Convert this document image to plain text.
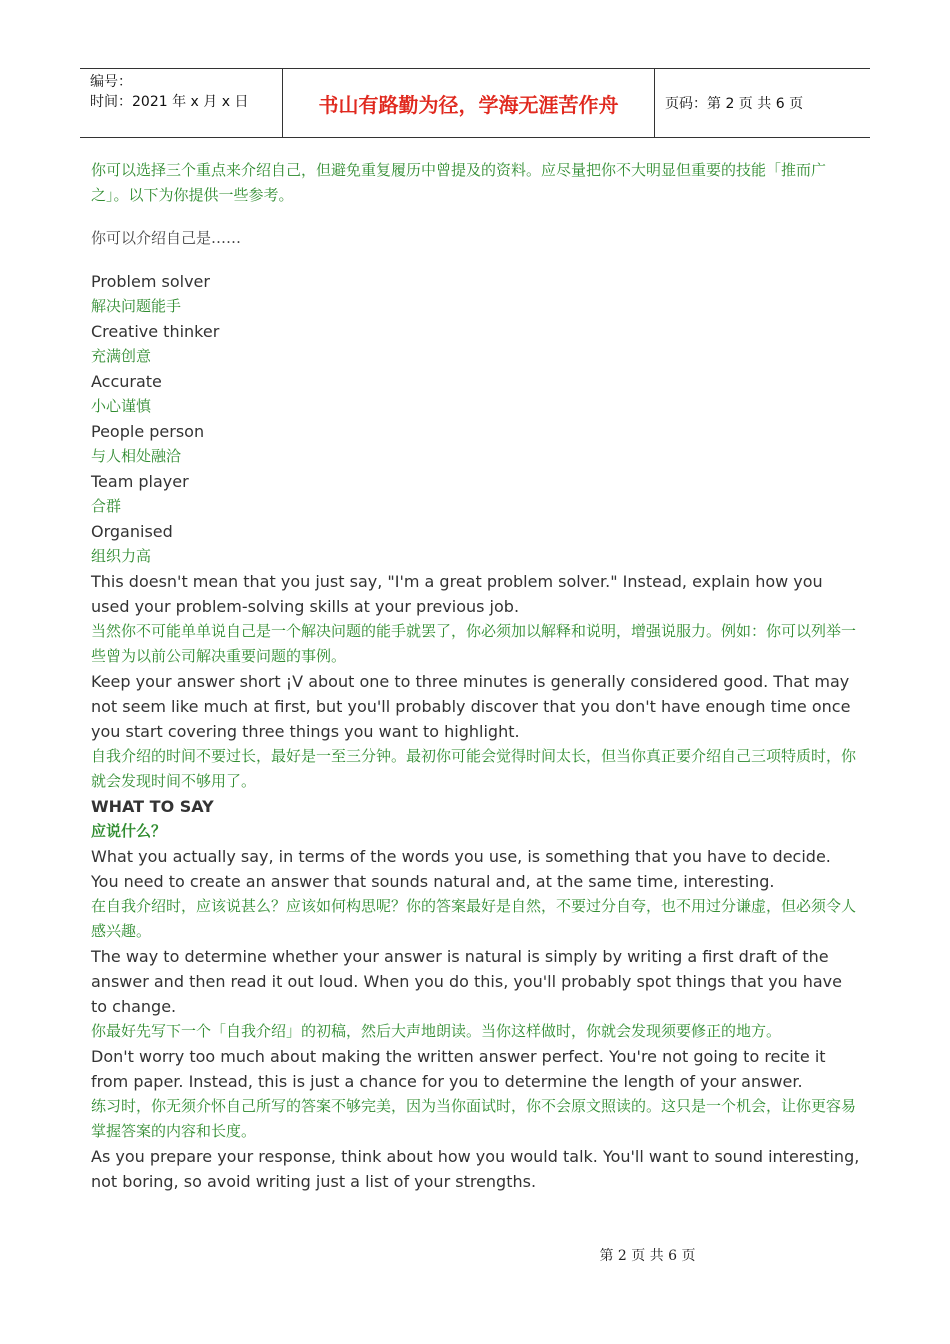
编号：
时间：2021 年 x 月 x 日	书山有路勤为径，学海无涯苦作舟	页码：第 2 页 共 6 页

你可以选择三个重点来介绍自己，但避免重复履历中曾提及的资料。应尽量把你不大明显但重要的技能「推而广之」。以下为你提供一些参考。

你可以介绍自己是……

Problem solver

解决问题能手

Creative thinker

充满创意

Accurate

小心谨慎

People person

与人相处融洽

Team player

合群

Organised

组织力高

This doesn't mean that you just say, "I'm a great problem solver." Instead, explain how you used your problem-solving skills at your previous job.

当然你不可能单单说自己是一个解决问题的能手就罢了，你必须加以解释和说明，增强说服力。例如：你可以列举一些曾为以前公司解决重要问题的事例。

Keep your answer short ¡V about one to three minutes is generally considered good. That may not seem like much at first, but you'll probably discover that you don't have enough time once you start covering three things you want to highlight.

自我介绍的时间不要过长，最好是一至三分钟。最初你可能会觉得时间太长，但当你真正要介绍自己三项特质时，你就会发现时间不够用了。

WHAT TO SAY

应说什么？

What you actually say, in terms of the words you use, is something that you have to decide. You need to create an answer that sounds natural and, at the same time, interesting.

在自我介绍时，应该说甚么？应该如何构思呢？你的答案最好是自然，不要过分自夸，也不用过分谦虚，但必须令人感兴趣。

The way to determine whether your answer is natural is simply by writing a first draft of the answer and then read it out loud. When you do this, you'll probably spot things that you have to change.

你最好先写下一个「自我介绍」的初稿，然后大声地朗读。当你这样做时，你就会发现须要修正的地方。

Don't worry too much about making the written answer perfect. You're not going to recite it from paper. Instead, this is just a chance for you to determine the length of your answer.

练习时，你无须介怀自己所写的答案不够完美，因为当你面试时，你不会原文照读的。这只是一个机会，让你更容易掌握答案的内容和长度。

As you prepare your response, think about how you would talk. You'll want to sound interesting, not boring, so avoid writing just a list of your strengths.

第 2 页 共 6 页
